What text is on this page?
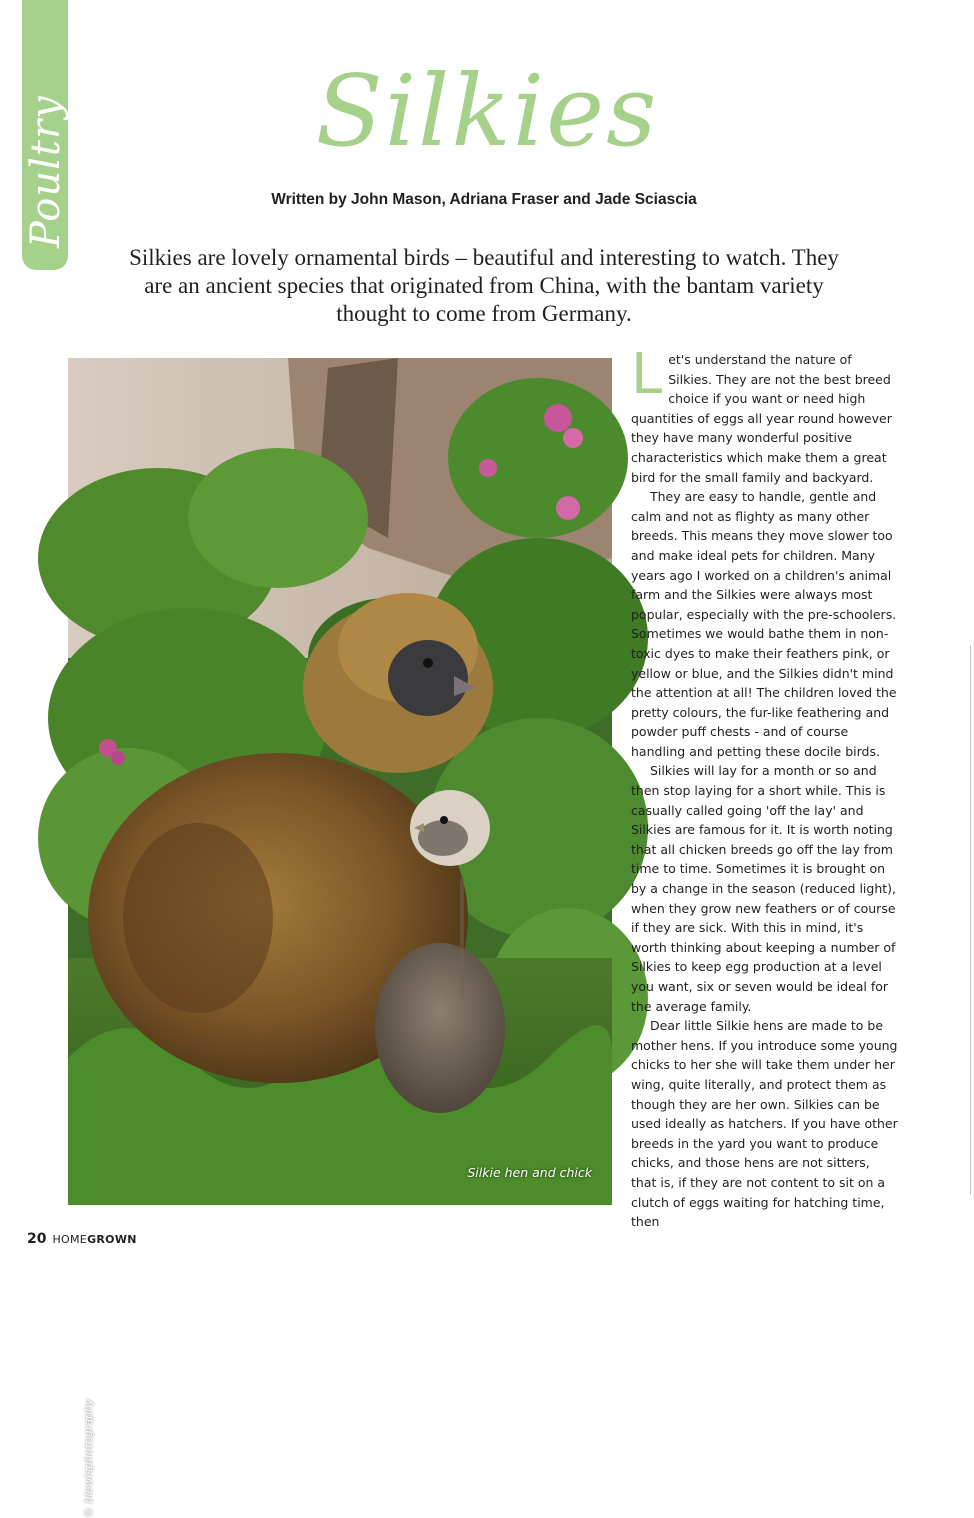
Poultry	Silkies
Written by John Mason, Adriana Fraser and Jade Sciascia
Silkies are lovely ornamental birds – beautiful and interesting to watch. They are an ancient species that originated from China, with the bantam variety thought to come from Germany.
Silkie hen and chick
© blewisphotography

Let's understand the nature of Silkies. They are not the best breed choice if you want or need high quantities of eggs all year round however they have many wonderful positive characteristics which make them a great bird for the small family and backyard.

They are easy to handle, gentle and calm and not as flighty as many other breeds. This means they move slower too and make ideal pets for children. Many years ago I worked on a children's animal farm and the Silkies were always most popular, especially with the pre-schoolers. Sometimes we would bathe them in non-toxic dyes to make their feathers pink, or yellow or blue, and the Silkies didn't mind the attention at all! The children loved the pretty colours, the fur-like feathering and powder puff chests - and of course handling and petting these docile birds.

Silkies will lay for a month or so and then stop laying for a short while. This is casually called going 'off the lay' and Silkies are famous for it. It is worth noting that all chicken breeds go off the lay from time to time. Sometimes it is brought on by a change in the season (reduced light), when they grow new feathers or of course if they are sick. With this in mind, it's worth thinking about keeping a number of Silkies to keep egg production at a level you want, six or seven would be ideal for the average family.

Dear little Silkie hens are made to be mother hens. If you introduce some young chicks to her she will take them under her wing, quite literally, and protect them as though they are her own. Silkies can be used ideally as hatchers. If you have other breeds in the yard you want to produce chicks, and those hens are not sitters, that is, if they are not content to sit on a clutch of eggs waiting for hatching time, then

20 HOMEGROWN
